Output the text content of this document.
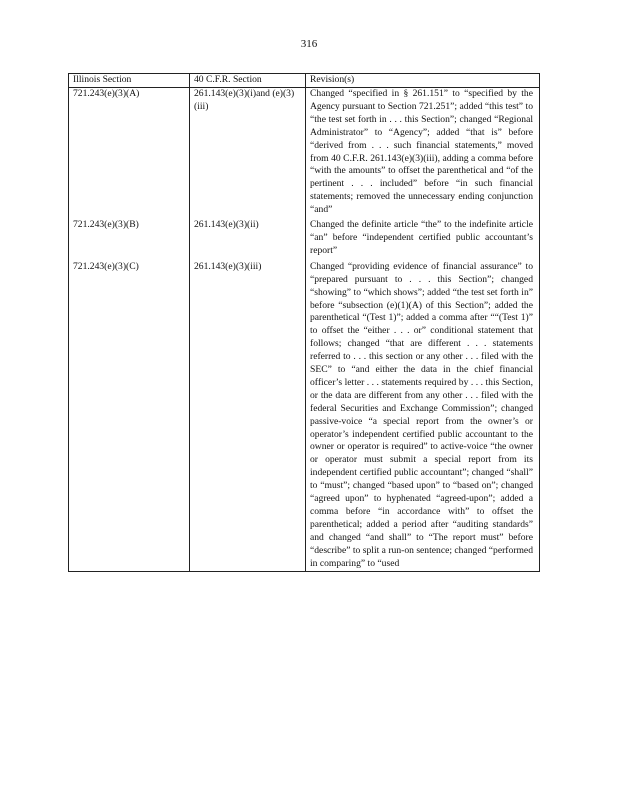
316
Illinois Section	40 C.F.R. Section	Revision(s)
721.243(e)(3)(A)	261.143(e)(3)(i)and (e)(3)(iii)	Changed “specified in § 261.151” to “specified by the Agency pursuant to Section 721.251”; added “this test” to “the test set forth in . . . this Section”; changed “Regional Administrator” to “Agency”; added “that is” before “derived from . . . such financial statements,” moved from 40 C.F.R. 261.143(e)(3)(iii), adding a comma before “with the amounts” to offset the parenthetical and “of the pertinent . . . included” before “in such financial statements; removed the unnecessary ending conjunction “and”
721.243(e)(3)(B)	261.143(e)(3)(ii)	Changed the definite article “the” to the indefinite article “an” before “independent certified public accountant’s report”
721.243(e)(3)(C)	261.143(e)(3)(iii)	Changed “providing evidence of financial assurance” to “prepared pursuant to . . . this Section”; changed “showing” to “which shows”; added “the test set forth in” before “subsection (e)(1)(A) of this Section”; added the parenthetical “(Test 1)”; added a comma after ““(Test 1)” to offset the “either . . . or” conditional statement that follows; changed “that are different . . . statements referred to . . . this section or any other . . . filed with the SEC” to “and either the data in the chief financial officer’s letter . . . statements required by . . . this Section, or the data are different from any other . . . filed with the federal Securities and Exchange Commission”; changed passive-voice “a special report from the owner’s or operator’s independent certified public accountant to the owner or operator is required” to active-voice “the owner or operator must submit a special report from its independent certified public accountant”; changed “shall” to “must”; changed “based upon” to “based on”; changed “agreed upon” to hyphenated “agreed-upon”; added a comma before “in accordance with” to offset the parenthetical; added a period after “auditing standards” and changed “and shall” to “The report must” before “describe” to split a run-on sentence; changed “performed in comparing” to “used
